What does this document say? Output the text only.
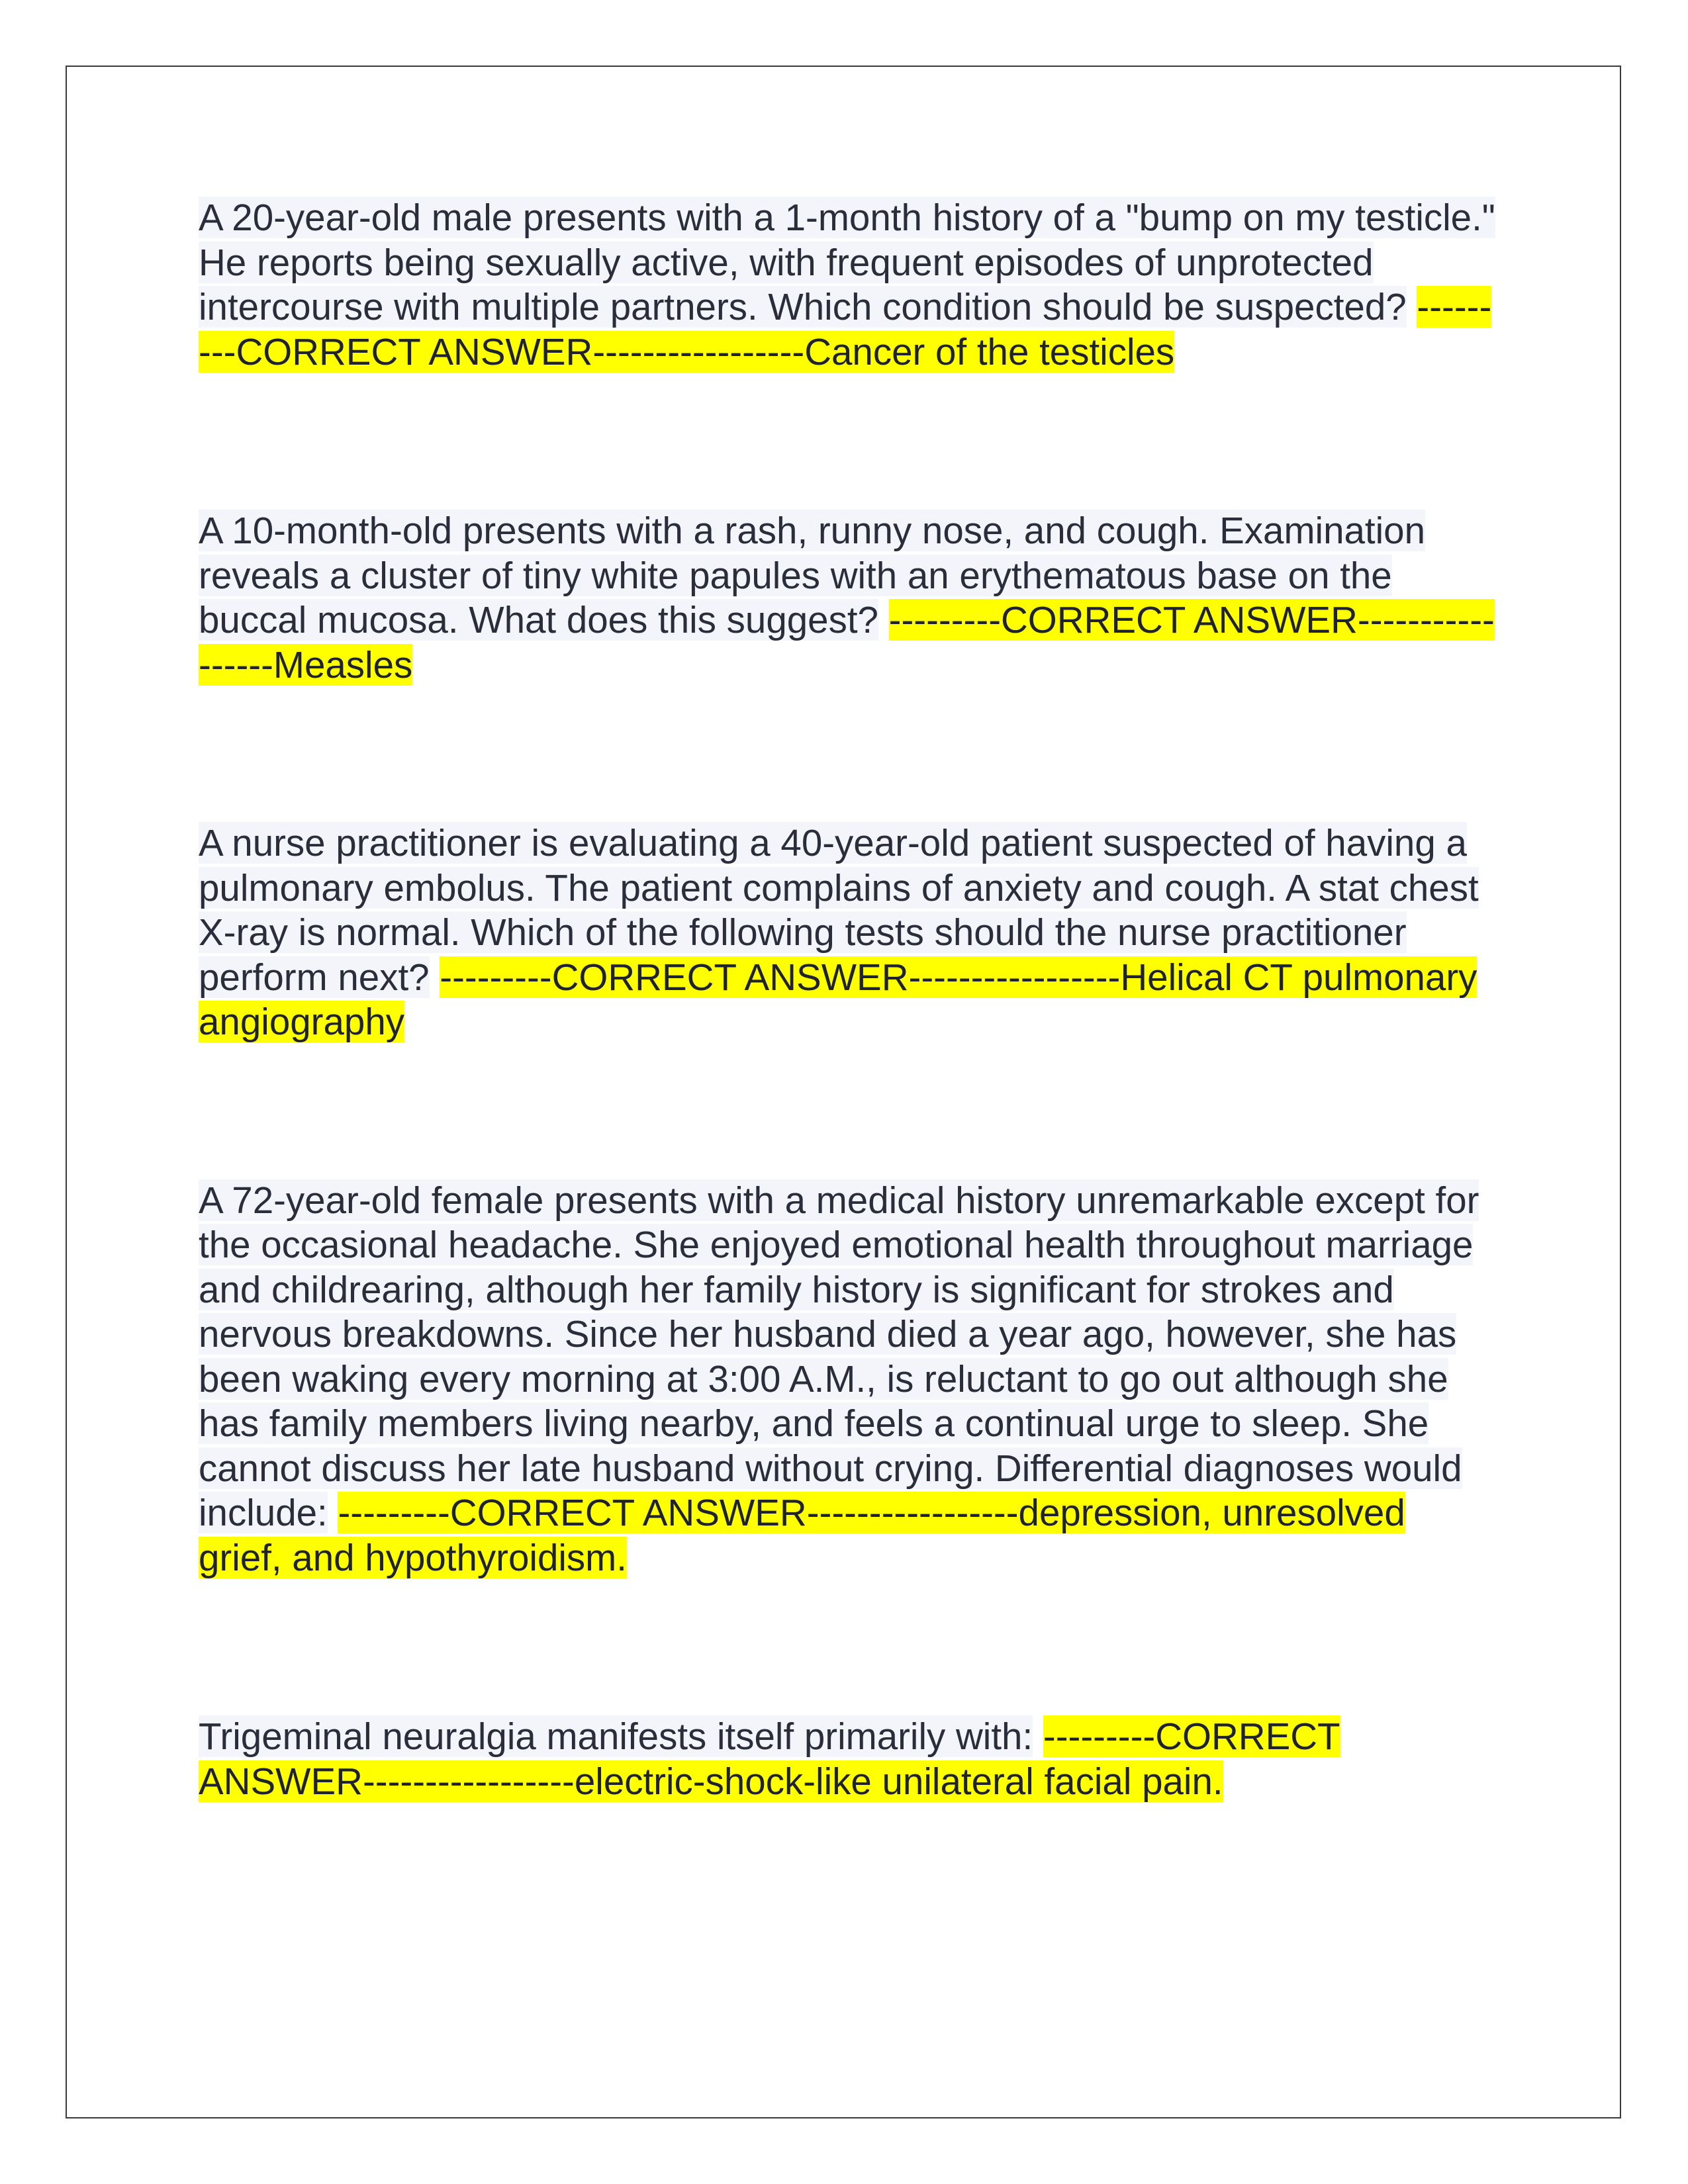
A 20-year-old male presents with a 1-month history of a "bump on my testicle." He reports being sexually active, with frequent episodes of unprotected intercourse with multiple partners. Which condition should be suspected? ---------CORRECT ANSWER-----------------Cancer of the testicles

A 10-month-old presents with a rash, runny nose, and cough. Examination reveals a cluster of tiny white papules with an erythematous base on the buccal mucosa. What does this suggest? ---------CORRECT ANSWER-----------------Measles

A nurse practitioner is evaluating a 40-year-old patient suspected of having a pulmonary embolus. The patient complains of anxiety and cough. A stat chest X-ray is normal. Which of the following tests should the nurse practitioner perform next? ---------CORRECT ANSWER-----------------Helical CT pulmonary angiography

A 72-year-old female presents with a medical history unremarkable except for the occasional headache. She enjoyed emotional health throughout marriage and childrearing, although her family history is significant for strokes and nervous breakdowns. Since her husband died a year ago, however, she has been waking every morning at 3:00 A.M., is reluctant to go out although she has family members living nearby, and feels a continual urge to sleep. She cannot discuss her late husband without crying. Differential diagnoses would include: ---------CORRECT ANSWER-----------------depression, unresolved grief, and hypothyroidism.

Trigeminal neuralgia manifests itself primarily with: ---------CORRECT ANSWER-----------------electric-shock-like unilateral facial pain.
